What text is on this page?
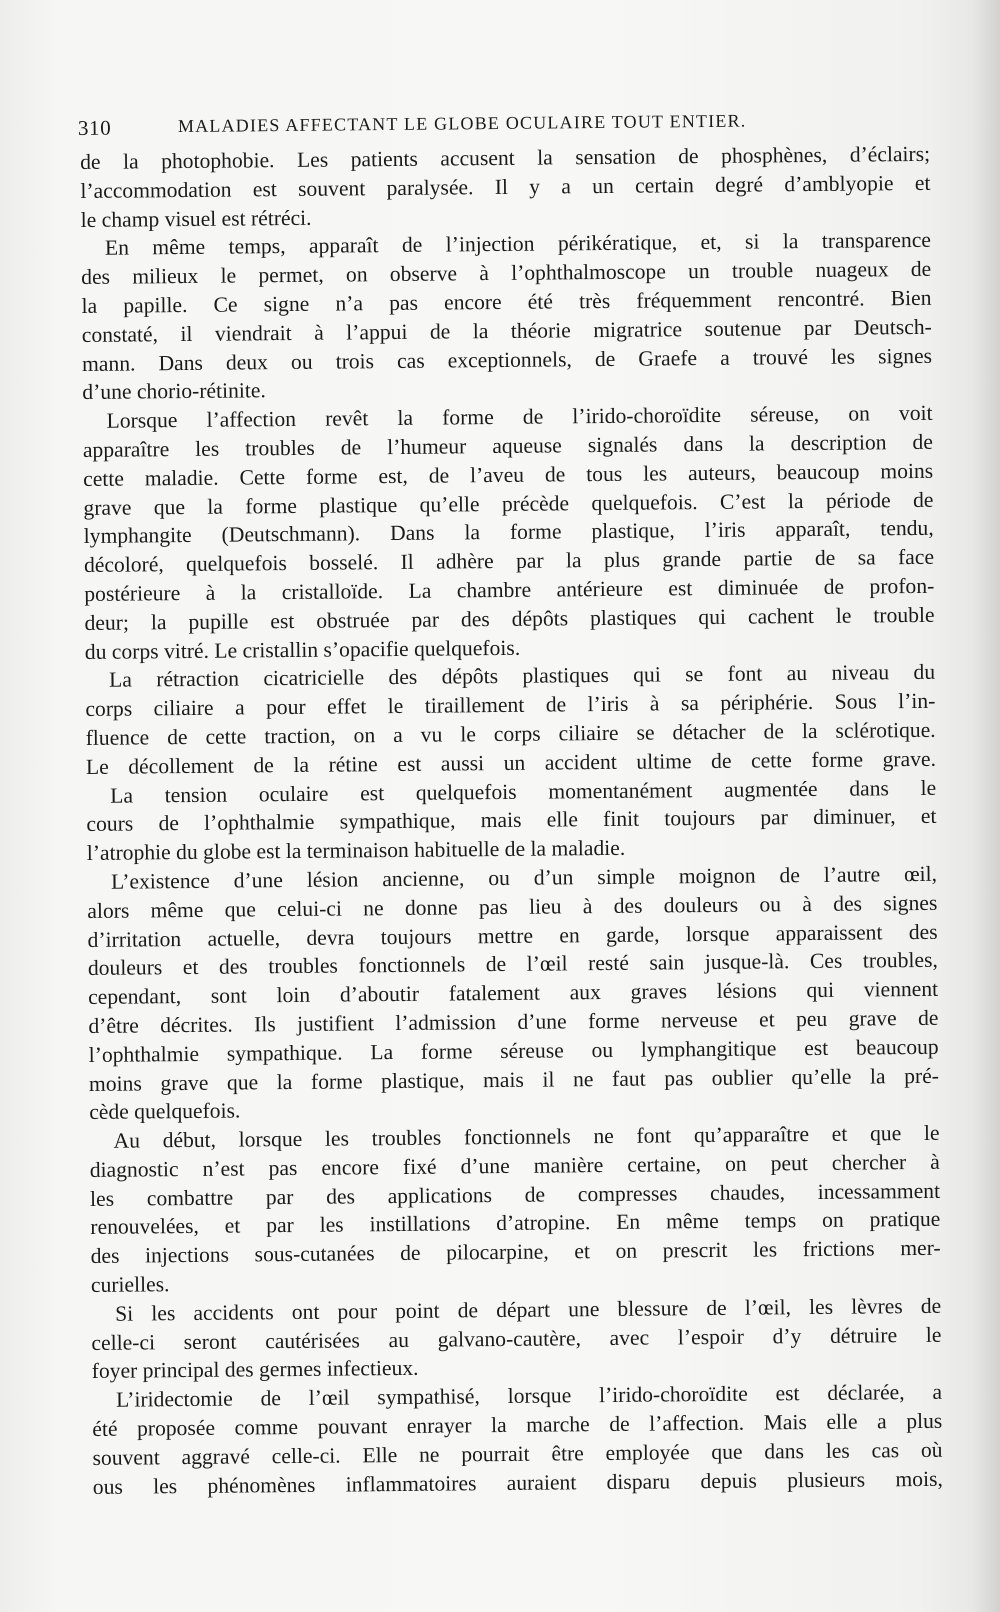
310	MALADIES AFFECTANT LE GLOBE OCULAIRE TOUT ENTIER.
de la photophobie. Les patients accusent la sensation de phosphènes, d’éclairs;
l’accommodation est souvent paralysée. Il y a un certain degré d’amblyopie et
le champ visuel est rétréci.
En même temps, apparaît de l’injection périkératique, et, si la transparence
des milieux le permet, on observe à l’ophthalmoscope un trouble nuageux de
la papille. Ce signe n’a pas encore été très fréquemment rencontré. Bien
constaté, il viendrait à l’appui de la théorie migratrice soutenue par Deutsch-
mann. Dans deux ou trois cas exceptionnels, de Graefe a trouvé les signes
d’une chorio-rétinite.
Lorsque l’affection revêt la forme de l’irido-choroïdite séreuse, on voit
apparaître les troubles de l’humeur aqueuse signalés dans la description de
cette maladie. Cette forme est, de l’aveu de tous les auteurs, beaucoup moins
grave que la forme plastique qu’elle précède quelquefois. C’est la période de
lymphangite (Deutschmann). Dans la forme plastique, l’iris apparaît, tendu,
décoloré, quelquefois bosselé. Il adhère par la plus grande partie de sa face
postérieure à la cristalloïde. La chambre antérieure est diminuée de profon-
deur; la pupille est obstruée par des dépôts plastiques qui cachent le trouble
du corps vitré. Le cristallin s’opacifie quelquefois.
La rétraction cicatricielle des dépôts plastiques qui se font au niveau du
corps ciliaire a pour effet le tiraillement de l’iris à sa périphérie. Sous l’in-
fluence de cette traction, on a vu le corps ciliaire se détacher de la sclérotique.
Le décollement de la rétine est aussi un accident ultime de cette forme grave.
La tension oculaire est quelquefois momentanément augmentée dans le
cours de l’ophthalmie sympathique, mais elle finit toujours par diminuer, et
l’atrophie du globe est la terminaison habituelle de la maladie.
L’existence d’une lésion ancienne, ou d’un simple moignon de l’autre œil,
alors même que celui-ci ne donne pas lieu à des douleurs ou à des signes
d’irritation actuelle, devra toujours mettre en garde, lorsque apparaissent des
douleurs et des troubles fonctionnels de l’œil resté sain jusque-là. Ces troubles,
cependant, sont loin d’aboutir fatalement aux graves lésions qui viennent
d’être décrites. Ils justifient l’admission d’une forme nerveuse et peu grave de
l’ophthalmie sympathique. La forme séreuse ou lymphangitique est beaucoup
moins grave que la forme plastique, mais il ne faut pas oublier qu’elle la pré-
cède quelquefois.
Au début, lorsque les troubles fonctionnels ne font qu’apparaître et que le
diagnostic n’est pas encore fixé d’une manière certaine, on peut chercher à
les combattre par des applications de compresses chaudes, incessamment
renouvelées, et par les instillations d’atropine. En même temps on pratique
des injections sous-cutanées de pilocarpine, et on prescrit les frictions mer-
curielles.
Si les accidents ont pour point de départ une blessure de l’œil, les lèvres de
celle-ci seront cautérisées au galvano-cautère, avec l’espoir d’y détruire le
foyer principal des germes infectieux.
L’iridectomie de l’œil sympathisé, lorsque l’irido-choroïdite est déclarée, a
été proposée comme pouvant enrayer la marche de l’affection. Mais elle a plus
souvent aggravé celle-ci. Elle ne pourrait être employée que dans les cas où
ous les phénomènes inflammatoires auraient disparu depuis plusieurs mois,
